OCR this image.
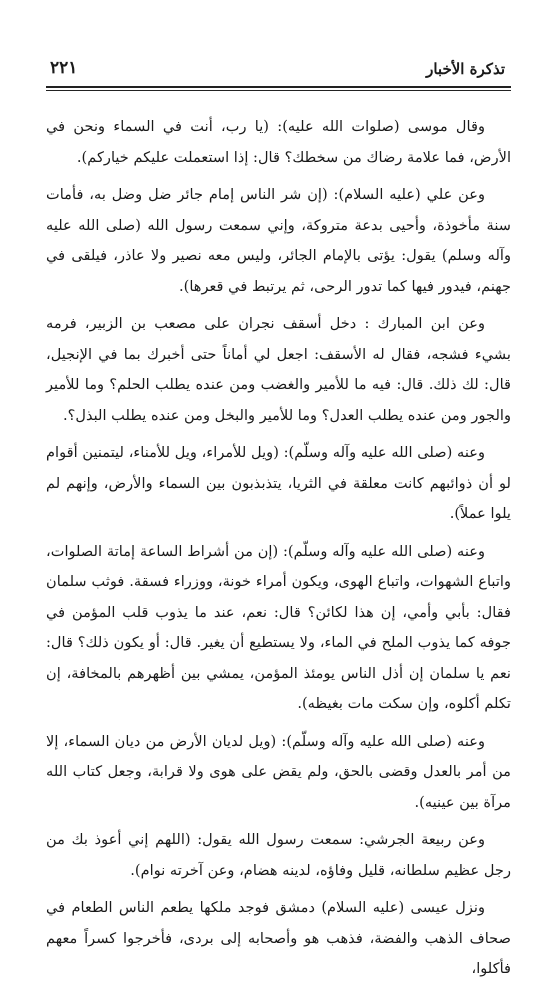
تذكرة الأخبار
٢٢١

وقال موسى (صلوات الله عليه): (يا رب، أنت في السماء ونحن في الأرض، فما علامة رضاك من سخطك؟ قال: إذا استعملت عليكم خياركم).

وعن علي (عليه السلام): (إن شر الناس إمام جائر ضل وضل به، فأمات سنة مأخوذة، وأحيى بدعة متروكة، وإني سمعت رسول الله (صلى الله عليه وآله وسلم) يقول: يؤتى بالإمام الجائر، وليس معه نصير ولا عاذر، فيلقى في جهنم، فيدور فيها كما تدور الرحى، ثم يرتبط في قعرها).

وعن ابن المبارك : دخل أسقف نجران على مصعب بن الزبير، فرمه بشيء فشجه، فقال له الأسقف: اجعل لي أماناً حتى أخبرك بما في الإنجيل، قال: لك ذلك. قال: فيه ما للأمير والغضب ومن عنده يطلب الحلم؟ وما للأمير والجور ومن عنده يطلب العدل؟ وما للأمير والبخل ومن عنده يطلب البذل؟.

وعنه (صلى الله عليه وآله وسلّم): (ويل للأمراء، ويل للأمناء، ليتمنين أقوام لو أن ذوائبهم كانت معلقة في الثريا، يتذبذبون بين السماء والأرض، وإنهم لم يلوا عملاً).

وعنه (صلى الله عليه وآله وسلّم): (إن من أشراط الساعة إماتة الصلوات، واتباع الشهوات، واتباع الهوى، ويكون أمراء خونة، ووزراء فسقة. فوثب سلمان فقال: بأبي وأمي، إن هذا لكائن؟ قال: نعم، عند ما يذوب قلب المؤمن في جوفه كما يذوب الملح في الماء، ولا يستطيع أن يغير. قال: أو يكون ذلك؟ قال: نعم يا سلمان إن أذل الناس يومئذ المؤمن، يمشي بين أظهرهم بالمخافة، إن تكلم أكلوه، وإن سكت مات بغيظه).

وعنه (صلى الله عليه وآله وسلّم): (ويل لديان الأرض من ديان السماء، إلا من أمر بالعدل وقضى بالحق، ولم يقض على هوى ولا قرابة، وجعل كتاب الله مرآة بين عينيه).

وعن ربيعة الجرشي: سمعت رسول الله يقول: (اللهم إني أعوذ بك من رجل عظيم سلطانه، قليل وفاؤه، لدينه هضام، وعن آخرته نوام).

ونزل عيسى (عليه السلام) دمشق فوجد ملكها يطعم الناس الطعام في صحاف الذهب والفضة، فذهب هو وأصحابه إلى بردى، فأخرجوا كسراً معهم فأكلوا،
